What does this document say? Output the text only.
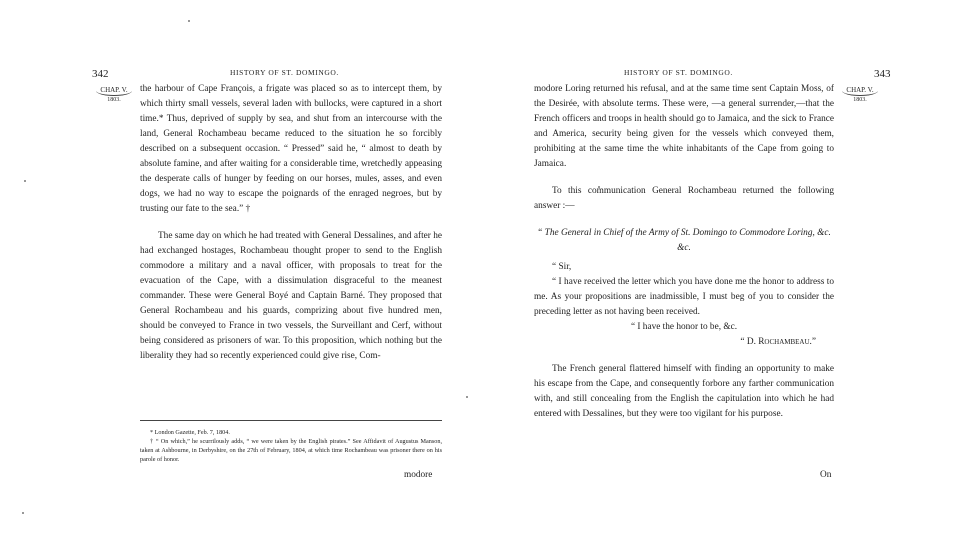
342	HISTORY OF ST. DOMINGO.
CHAP. V.
1803.

the harbour of Cape François, a frigate was placed so as to intercept them, by which thirty small vessels, several laden with bullocks, were captured in a short time.* Thus, deprived of supply by sea, and shut from an intercourse with the land, General Rochambeau became reduced to the situation he so forcibly described on a subsequent occasion. “ Pressed” said he, “ almost to death by absolute famine, and after waiting for a considerable time, wretchedly appeasing the desperate calls of hunger by feeding on our horses, mules, asses, and even dogs, we had no way to escape the poignards of the enraged negroes, but by trusting our fate to the sea.” †

The same day on which he had treated with General Dessalines, and after he had exchanged hostages, Rochambeau thought proper to send to the English commodore a military and a naval officer, with proposals to treat for the evacuation of the Cape, with a dissimulation disgraceful to the meanest commander. These were General Boyé and Captain Barné. They proposed that General Rochambeau and his guards, comprizing about five hundred men, should be conveyed to France in two vessels, the Surveillant and Cerf, without being considered as prisoners of war. To this proposition, which nothing but the liberality they had so recently experienced could give rise, Com-

* London Gazette, Feb. 7, 1804.

† “ On which,” he scurrilously adds, “ we were taken by the English pirates.” See Affidavit of Augustus Manson, taken at Ashbourne, in Derbyshire, on the 27th of February, 1804, at which time Rochambeau was prisoner there on his parole of honor.

modore
HISTORY OF ST. DOMINGO.	343
CHAP. V.
1803.

modore Loring returned his refusal, and at the same time sent Captain Moss, of the Desirée, with absolute terms. These were, —a general surrender,—that the French officers and troops in health should go to Jamaica, and the sick to France and America, security being given for the vessels which conveyed them, prohibiting at the same time the white inhabitants of the Cape from going to Jamaica.

To this communication General Rochambeau returned the following answer :—

“ The General in Chief of the Army of St. Domingo to Commodore Loring, &c. &c.

“ Sir,

“ I have received the letter which you have done me the honor to address to me. As your propositions are inadmissible, I must beg of you to consider the preceding letter as not having been received.

“ I have the honor to be, &c.

“ D. Rochambeau.”

The French general flattered himself with finding an opportunity to make his escape from the Cape, and consequently forbore any farther communication with, and still concealing from the English the capitulation into which he had entered with Dessalines, but they were too vigilant for his purpose.

On
